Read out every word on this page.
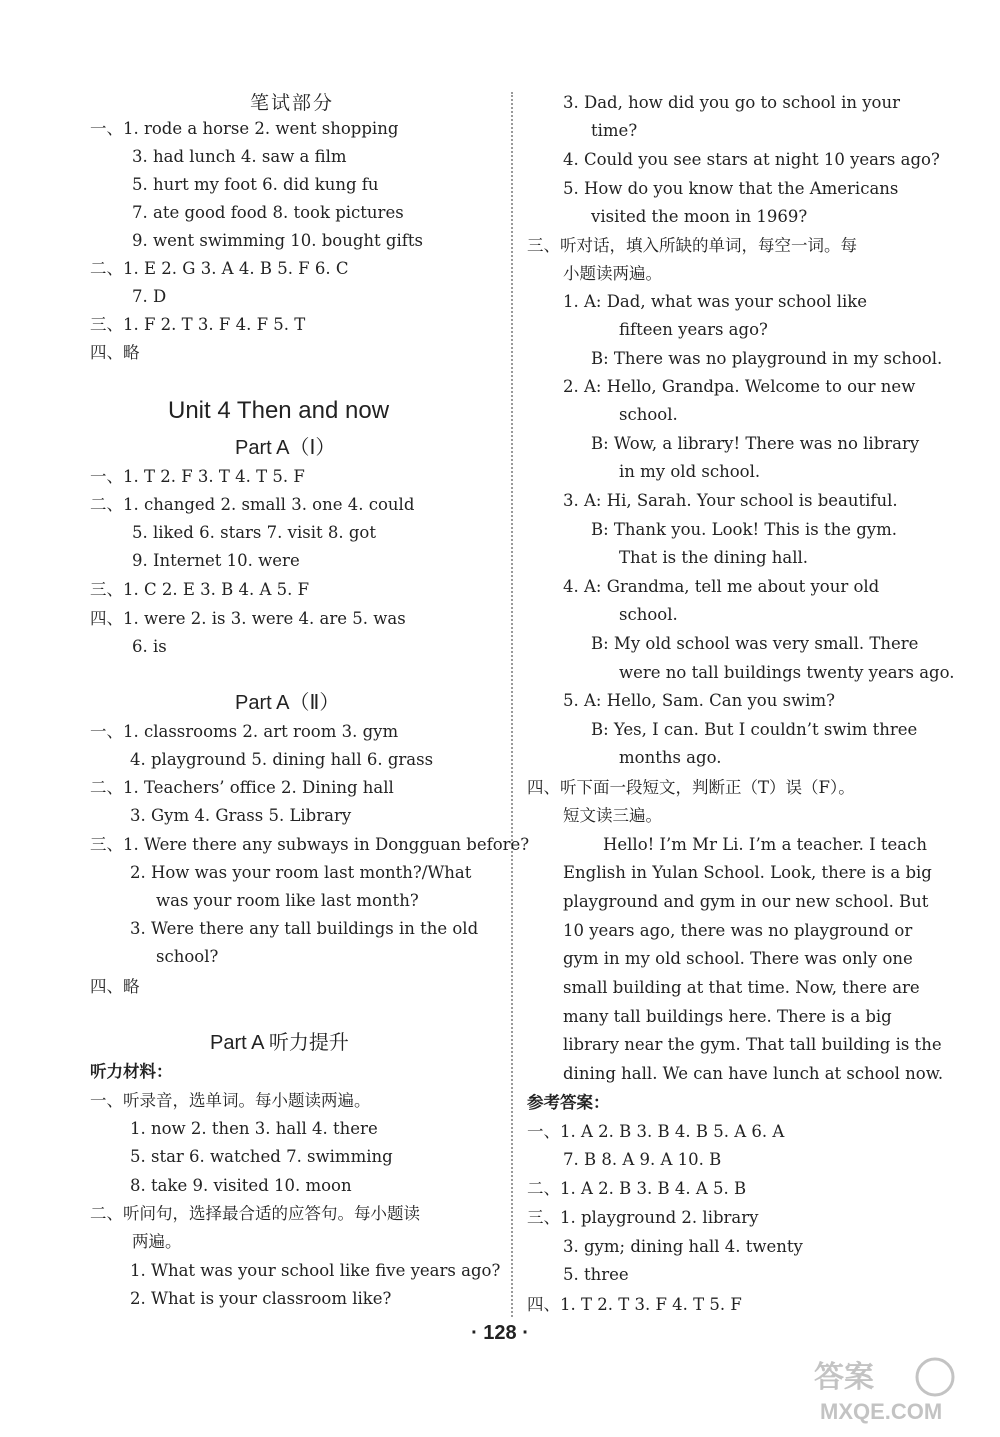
笔试部分
一、1. rode a horse 2. went shopping
3. had lunch 4. saw a film
5. hurt my foot 6. did kung fu
7. ate good food 8. took pictures
9. went swimming 10. bought gifts
二、1. E 2. G 3. A 4. B 5. F 6. C
7. D
三、1. F 2. T 3. F 4. F 5. T
四、略
Unit 4 Then and now
Part A（Ⅰ）
一、1. T 2. F 3. T 4. T 5. F
二、1. changed 2. small 3. one 4. could
5. liked 6. stars 7. visit 8. got
9. Internet 10. were
三、1. C 2. E 3. B 4. A 5. F
四、1. were 2. is 3. were 4. are 5. was
6. is
Part A（Ⅱ）
一、1. classrooms 2. art room 3. gym
4. playground 5. dining hall 6. grass
二、1. Teachers’ office 2. Dining hall
3. Gym 4. Grass 5. Library
三、1. Were there any subways in Dongguan before?
2. How was your room last month?/What
was your room like last month?
3. Were there any tall buildings in the old
school?
四、略
Part A 听力提升
听力材料：
一、听录音，选单词。每小题读两遍。
1. now 2. then 3. hall 4. there
5. star 6. watched 7. swimming
8. take 9. visited 10. moon
二、听问句，选择最合适的应答句。每小题读
两遍。
1. What was your school like five years ago?
2. What is your classroom like?
3. Dad, how did you go to school in your
time?
4. Could you see stars at night 10 years ago?
5. How do you know that the Americans
visited the moon in 1969?
三、听对话，填入所缺的单词，每空一词。每
小题读两遍。
1. A: Dad, what was your school like
fifteen years ago?
B: There was no playground in my school.
2. A: Hello, Grandpa. Welcome to our new
school.
B: Wow, a library! There was no library
in my old school.
3. A: Hi, Sarah. Your school is beautiful.
B: Thank you. Look! This is the gym.
That is the dining hall.
4. A: Grandma, tell me about your old
school.
B: My old school was very small. There
were no tall buildings twenty years ago.
5. A: Hello, Sam. Can you swim?
B: Yes, I can. But I couldn’t swim three
months ago.
四、听下面一段短文，判断正（T）误（F）。
短文读三遍。
Hello! I’m Mr Li. I’m a teacher. I teach
English in Yulan School. Look, there is a big
playground and gym in our new school. But
10 years ago, there was no playground or
gym in my old school. There was only one
small building at that time. Now, there are
many tall buildings here. There is a big
library near the gym. That tall building is the
dining hall. We can have lunch at school now.
参考答案：
一、1. A 2. B 3. B 4. B 5. A 6. A
7. B 8. A 9. A 10. B
二、1. A 2. B 3. B 4. A 5. B
三、1. playground 2. library
3. gym; dining hall 4. twenty
5. three
四、1. T 2. T 3. F 4. T 5. F
· 128 ·
答案
MXQE.COM
